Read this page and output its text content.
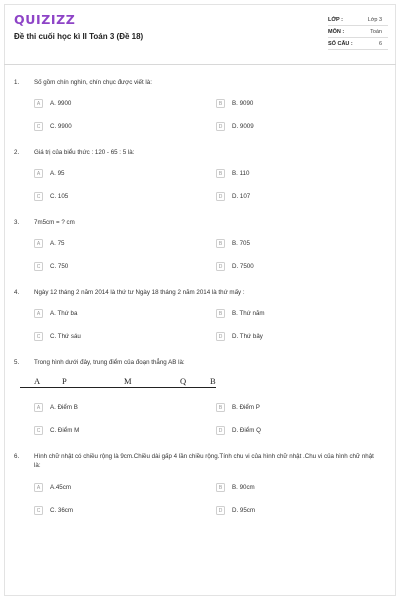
QUIZIZZ
Đề thi cuối học kì II Toán 3 (Đề 18)
LỚP :	Lớp 3
MÔN :	Toán
SỐ CÂU :	6
1. Số gồm chín nghìn, chín chục được viết là:
A	A. 9900	B	B. 9090
C	C. 9900	D	D. 9009
2. Giá trị của biểu thức : 120 - 65 : 5 là:
A	A. 95	B	B. 110
C	C. 105	D	D. 107
3. 7m5cm = ? cm
A	A. 75	B	B. 705
C	C. 750	D	D. 7500
4. Ngày 12 tháng 2 năm 2014 là thứ tư Ngày 18 tháng 2 năm 2014 là thứ mấy :
A	A. Thứ ba	B	B. Thứ năm
C	C. Thứ sáu	D	D. Thứ bảy
5. Trong hình dưới đây, trung điểm của đoạn thẳng AB là:
A	P	M	Q	B
A	A. Điểm B	B	B. Điểm P
C	C. Điểm M	D	D. Điểm Q
6. Hình chữ nhật có chiều rộng là 9cm.Chiều dài gấp 4 lần chiều rộng.Tính chu vi của hình chữ nhật .Chu vi của hình chữ nhật là:
A	A.45cm	B	B. 90cm
C	C. 36cm	D	D. 95cm
